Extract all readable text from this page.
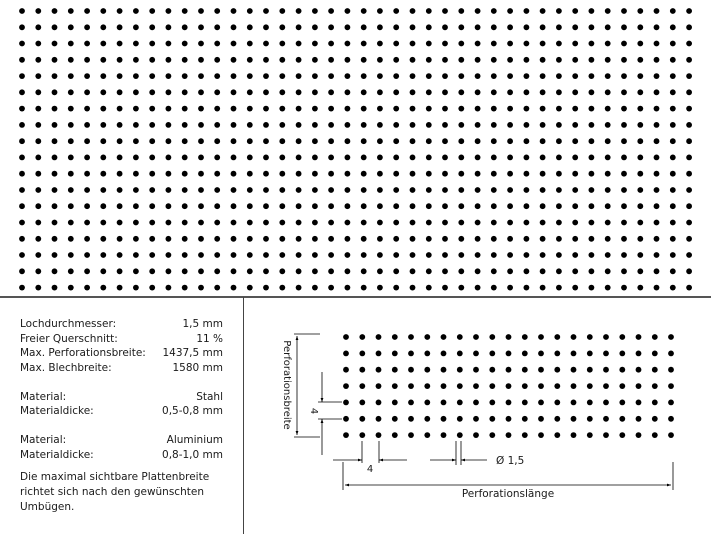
Lochdurchmesser:	1,5 mm
Freier Querschnitt:	11 %
Max. Perforationsbreite: 1437,5 mm
Max. Blechbreite:	1580 mm
Material:	Stahl
Materialdicke:	0,5-0,8 mm
Material:	Aluminium
Materialdicke:	0,8-1,0 mm
Die maximal sichtbare Plattenbreite richtet sich nach den gewünschten Umbügen.
Perforationsbreite 4
4
Ø 1,5
Perforationslänge
